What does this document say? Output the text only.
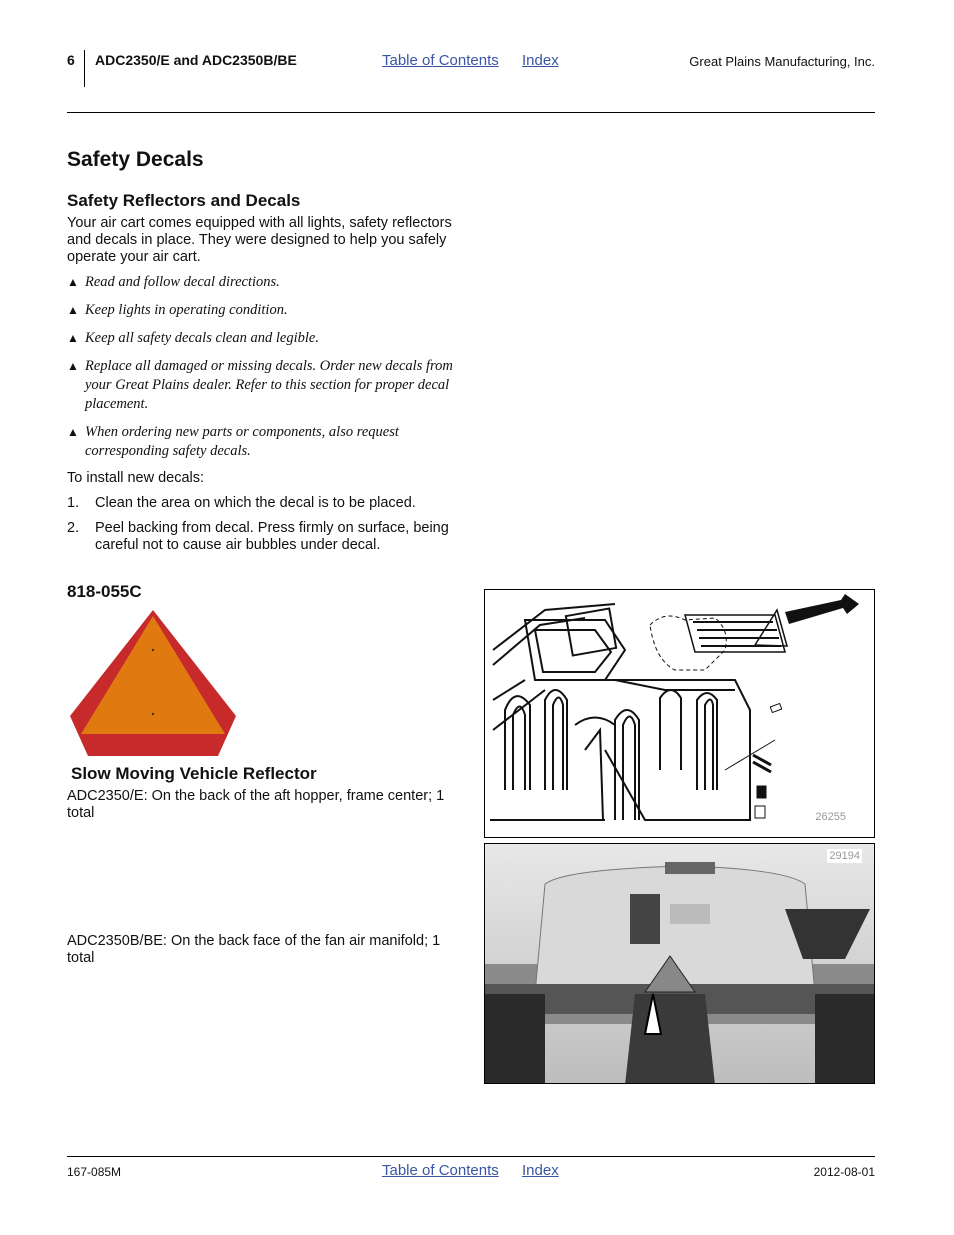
6 ADC2350/E and ADC2350B/BE	Table of Contents Index	Great Plains Manufacturing, Inc.
Safety Decals
Safety Reflectors and Decals
Your air cart comes equipped with all lights, safety reflectors and decals in place. They were designed to help you safely operate your air cart.
▲ Read and follow decal directions.
▲ Keep lights in operating condition.
▲ Keep all safety decals clean and legible.
▲ Replace all damaged or missing decals. Order new decals from your Great Plains dealer. Refer to this section for proper decal placement.
▲ When ordering new parts or components, also request corresponding safety decals.
To install new decals:
1. Clean the area on which the decal is to be placed.
2. Peel backing from decal. Press firmly on surface, being careful not to cause air bubbles under decal.
818-055C
Slow Moving Vehicle Reflector
ADC2350/E: On the back of the aft hopper, frame center; 1 total
ADC2350B/BE: On the back face of the fan air manifold; 1 total
26255
29194
167-085M	Table of Contents Index	2012-08-01
